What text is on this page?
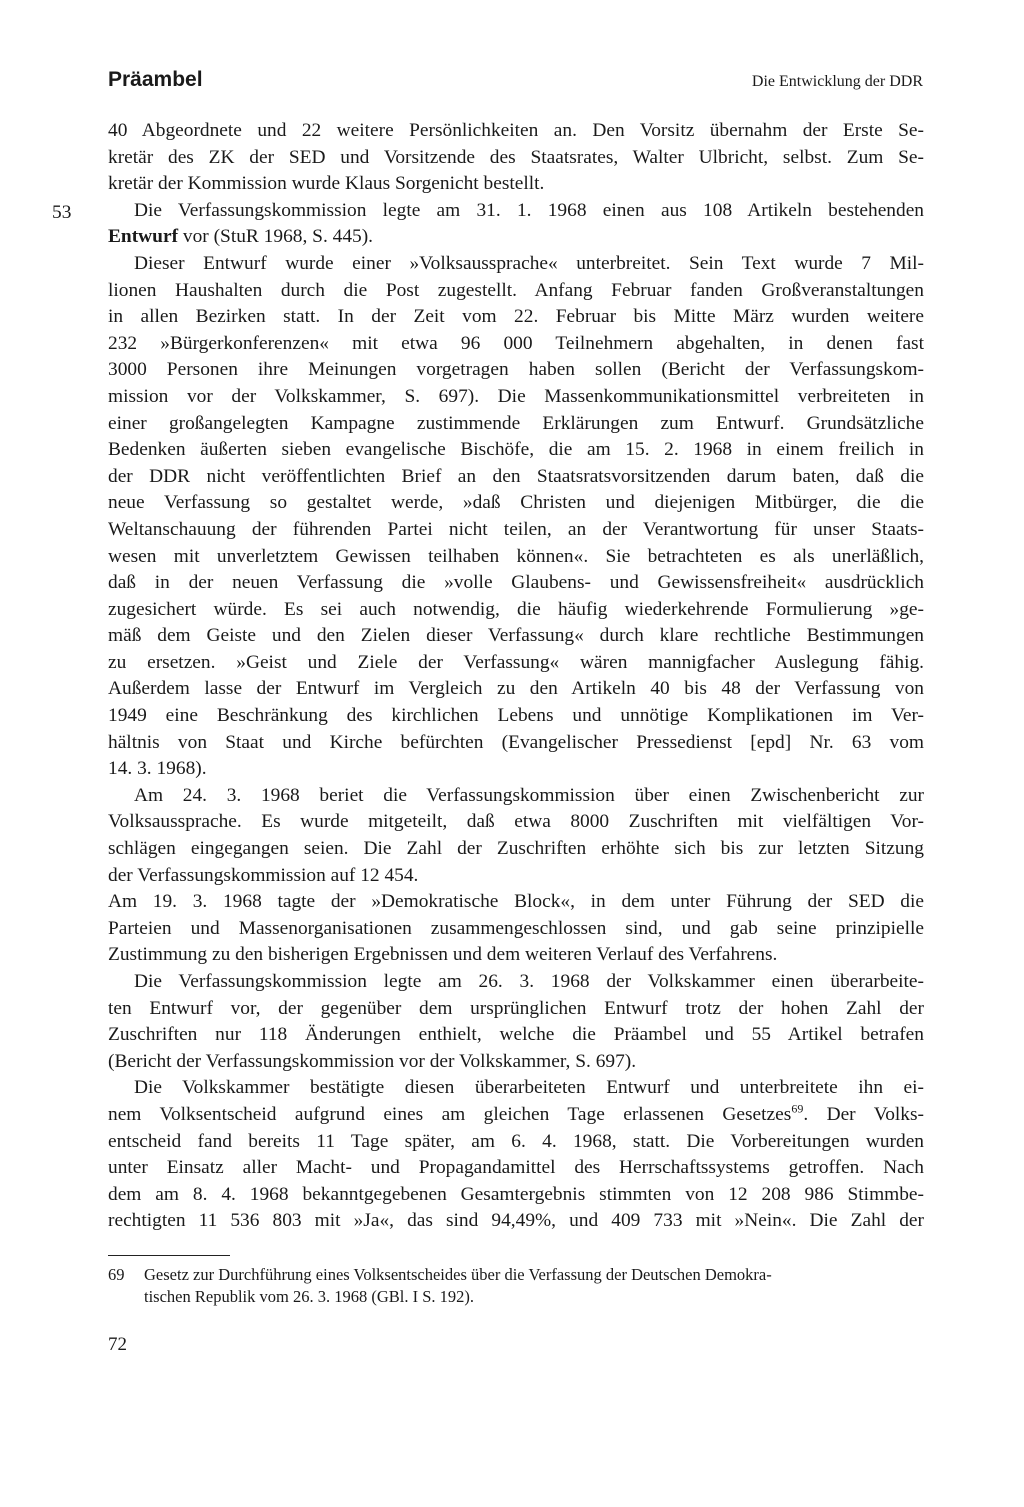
Präambel	Die Entwicklung der DDR
53
40 Abgeordnete und 22 weitere Persönlichkeiten an. Den Vorsitz übernahm der Erste Se-
kretär des ZK der SED und Vorsitzende des Staatsrates, Walter Ulbricht, selbst. Zum Se-
kretär der Kommission wurde Klaus Sorgenicht bestellt.
Die Verfassungskommission legte am 31. 1. 1968 einen aus 108 Artikeln bestehenden
Entwurf vor (StuR 1968, S. 445).
Dieser Entwurf wurde einer »Volksaussprache« unterbreitet. Sein Text wurde 7 Mil-
lionen Haushalten durch die Post zugestellt. Anfang Februar fanden Großveranstaltungen
in allen Bezirken statt. In der Zeit vom 22. Februar bis Mitte März wurden weitere
232 »Bürgerkonferenzen« mit etwa 96 000 Teilnehmern abgehalten, in denen fast
3000 Personen ihre Meinungen vorgetragen haben sollen (Bericht der Verfassungskom-
mission vor der Volkskammer, S. 697). Die Massenkommunikationsmittel verbreiteten in
einer großangelegten Kampagne zustimmende Erklärungen zum Entwurf. Grundsätzliche
Bedenken äußerten sieben evangelische Bischöfe, die am 15. 2. 1968 in einem freilich in
der DDR nicht veröffentlichten Brief an den Staatsratsvorsitzenden darum baten, daß die
neue Verfassung so gestaltet werde, »daß Christen und diejenigen Mitbürger, die die
Weltanschauung der führenden Partei nicht teilen, an der Verantwortung für unser Staats-
wesen mit unverletztem Gewissen teilhaben können«. Sie betrachteten es als unerläßlich,
daß in der neuen Verfassung die »volle Glaubens- und Gewissensfreiheit« ausdrücklich
zugesichert würde. Es sei auch notwendig, die häufig wiederkehrende Formulierung »ge-
mäß dem Geiste und den Zielen dieser Verfassung« durch klare rechtliche Bestimmungen
zu ersetzen. »Geist und Ziele der Verfassung« wären mannigfacher Auslegung fähig.
Außerdem lasse der Entwurf im Vergleich zu den Artikeln 40 bis 48 der Verfassung von
1949 eine Beschränkung des kirchlichen Lebens und unnötige Komplikationen im Ver-
hältnis von Staat und Kirche befürchten (Evangelischer Pressedienst [epd] Nr. 63 vom
14. 3. 1968).
Am 24. 3. 1968 beriet die Verfassungskommission über einen Zwischenbericht zur
Volksaussprache. Es wurde mitgeteilt, daß etwa 8000 Zuschriften mit vielfältigen Vor-
schlägen eingegangen seien. Die Zahl der Zuschriften erhöhte sich bis zur letzten Sitzung
der Verfassungskommission auf 12 454.
Am 19. 3. 1968 tagte der »Demokratische Block«, in dem unter Führung der SED die
Parteien und Massenorganisationen zusammengeschlossen sind, und gab seine prinzipielle
Zustimmung zu den bisherigen Ergebnissen und dem weiteren Verlauf des Verfahrens.
Die Verfassungskommission legte am 26. 3. 1968 der Volkskammer einen überarbeite-
ten Entwurf vor, der gegenüber dem ursprünglichen Entwurf trotz der hohen Zahl der
Zuschriften nur 118 Änderungen enthielt, welche die Präambel und 55 Artikel betrafen
(Bericht der Verfassungskommission vor der Volkskammer, S. 697).
Die Volkskammer bestätigte diesen überarbeiteten Entwurf und unterbreitete ihn ei-
nem Volksentscheid aufgrund eines am gleichen Tage erlassenen Gesetzes$^{69}$. Der Volks-
entscheid fand bereits 11 Tage später, am 6. 4. 1968, statt. Die Vorbereitungen wurden
unter Einsatz aller Macht- und Propagandamittel des Herrschaftssystems getroffen. Nach
dem am 8. 4. 1968 bekanntgegebenen Gesamtergebnis stimmten von 12 208 986 Stimmbe-
rechtigten 11 536 803 mit »Ja«, das sind 94,49%, und 409 733 mit »Nein«. Die Zahl der
69 Gesetz zur Durchführung eines Volksentscheides über die Verfassung der Deutschen Demokra-
tischen Republik vom 26. 3. 1968 (GBl. I S. 192).
72
